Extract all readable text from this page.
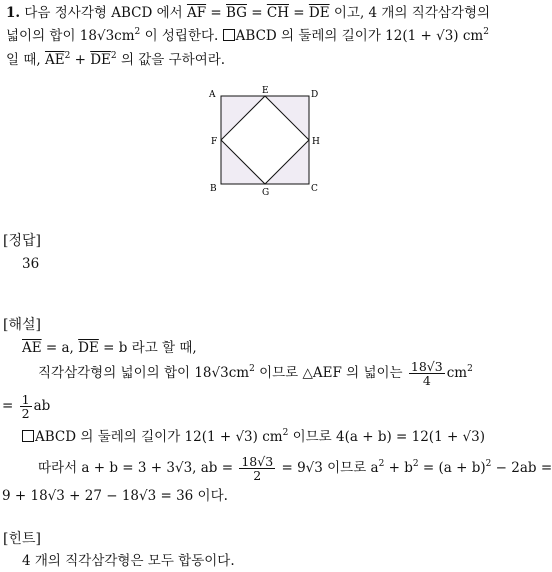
1. 다음 정사각형 ABCD 에서 $\overline{AF} = \overline{BG} = \overline{CH} = \overline{DE}$ 이고, 4 개의 직각삼각형의
넓이의 합이 $18√3cm^2$ 이 성립한다. ABCD 의 둘레의 길이가 12(1 + √3) $cm^2$
일 때, $\overline{AE}^2 + \overline{DE}^2$ 의 값을 구하여라.
A	E	D
F	H
B	G	C
[정답]
36
[해설]
$\overline{AE} = a$, $\overline{DE} = b$ 라고 할 때,
직각삼각형의 넓이의 합이 $18√3cm^2$ 이므로 △AEF 의 넓이는 $\frac{18√3}{4} cm^2$
= $\frac{1}{2}$ ab
ABCD 의 둘레의 길이가 12(1 + √3) $cm^2$ 이므로 4(a + b) = 12(1 + √3)
따라서 a + b = 3 + 3√3, ab = $\frac{18√3}{2} = 9√3$ 이므로 $a^2 + b^2 = (a + b)^2 - 2ab$ =
9 + 18√3 + 27 − 18√3 = 36 이다.
[힌트]
4 개의 직각삼각형은 모두 합동이다.
